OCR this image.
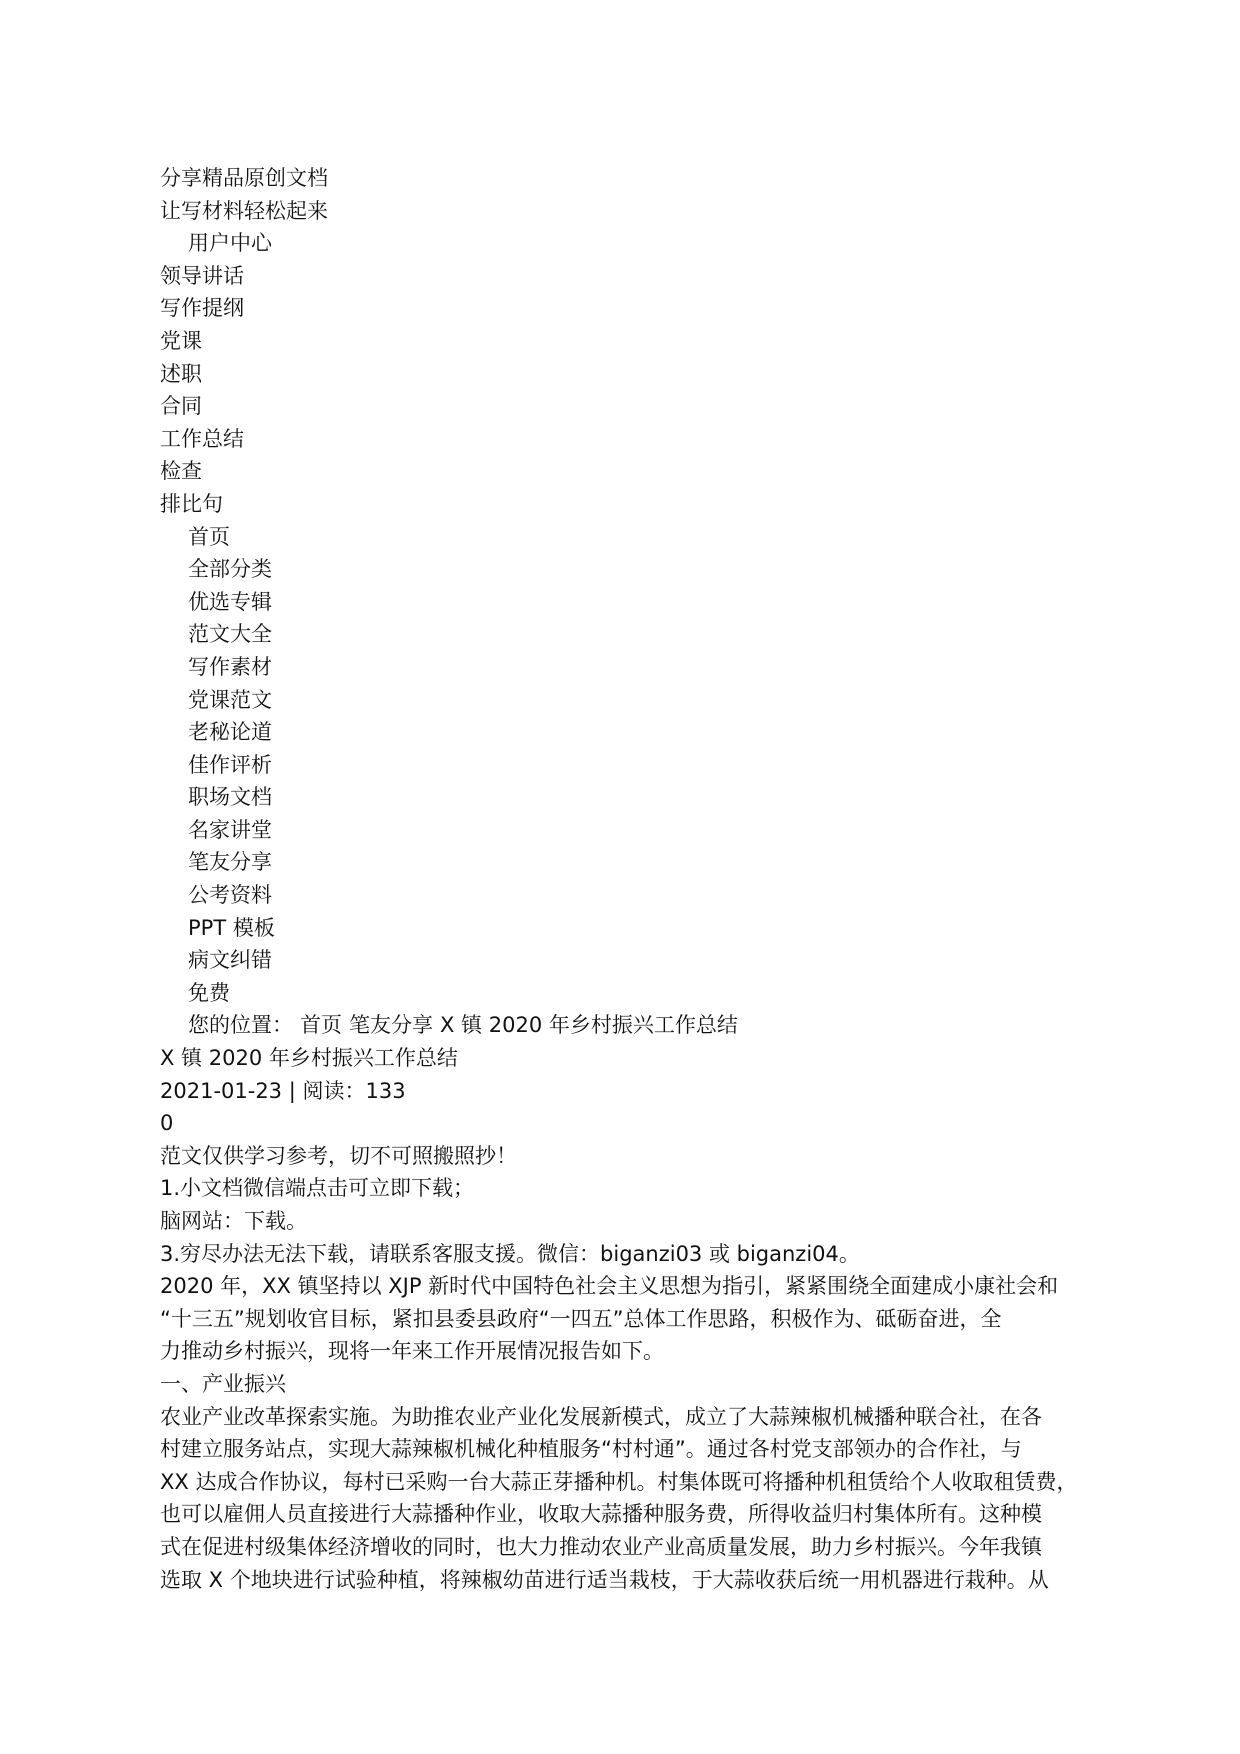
分享精品原创文档
让写材料轻松起来
用户中心
领导讲话
写作提纲
党课
述职
合同
工作总结
检查
排比句
首页
全部分类
优选专辑
范文大全
写作素材
党课范文
老秘论道
佳作评析
职场文档
名家讲堂
笔友分享
公考资料
PPT 模板
病文纠错
免费
您的位置： 首页 笔友分享 X 镇 2020 年乡村振兴工作总结
X 镇 2020 年乡村振兴工作总结
2021-01-23 | 阅读：133
0
范文仅供学习参考，切不可照搬照抄！
1.小文档微信端点击可立即下载；
脑网站：下载。
3.穷尽办法无法下载，请联系客服支援。微信：biganzi03 或 biganzi04。
2020 年，XX 镇坚持以 XJP 新时代中国特色社会主义思想为指引，紧紧围绕全面建成小康社会和
“十三五”规划收官目标，紧扣县委县政府“一四五”总体工作思路，积极作为、砥砺奋进，全
力推动乡村振兴，现将一年来工作开展情况报告如下。
一、产业振兴
农业产业改革探索实施。为助推农业产业化发展新模式，成立了大蒜辣椒机械播种联合社，在各
村建立服务站点，实现大蒜辣椒机械化种植服务“村村通”。通过各村党支部领办的合作社，与
XX 达成合作协议，每村已采购一台大蒜正芽播种机。村集体既可将播种机租赁给个人收取租赁费，
也可以雇佣人员直接进行大蒜播种作业，收取大蒜播种服务费，所得收益归村集体所有。这种模
式在促进村级集体经济增收的同时，也大力推动农业产业高质量发展，助力乡村振兴。今年我镇
选取 X 个地块进行试验种植，将辣椒幼苗进行适当栽枝，于大蒜收获后统一用机器进行栽种。从
